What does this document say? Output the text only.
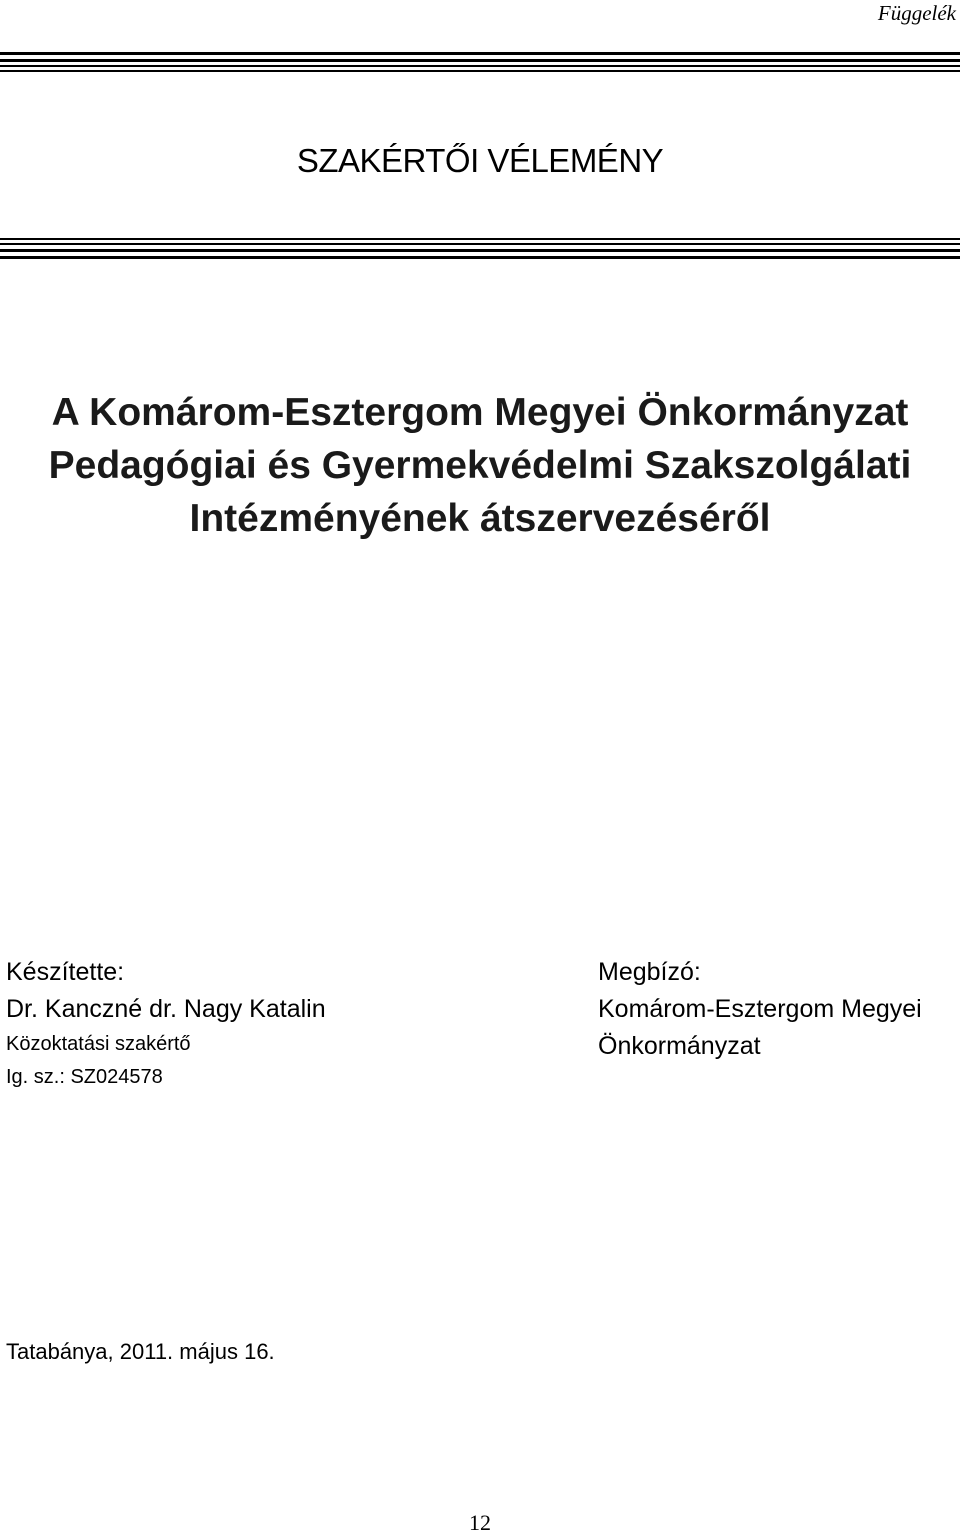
Függelék
SZAKÉRTŐI VÉLEMÉNY
A Komárom-Esztergom Megyei Önkormányzat
Pedagógiai és Gyermekvédelmi Szakszolgálati
Intézményének átszervezéséről
Készítette:
Dr. Kanczné dr. Nagy Katalin
Közoktatási szakértő
Ig. sz.: SZ024578
Megbízó:
Komárom-Esztergom Megyei
Önkormányzat
Tatabánya, 2011. május 16.
12
